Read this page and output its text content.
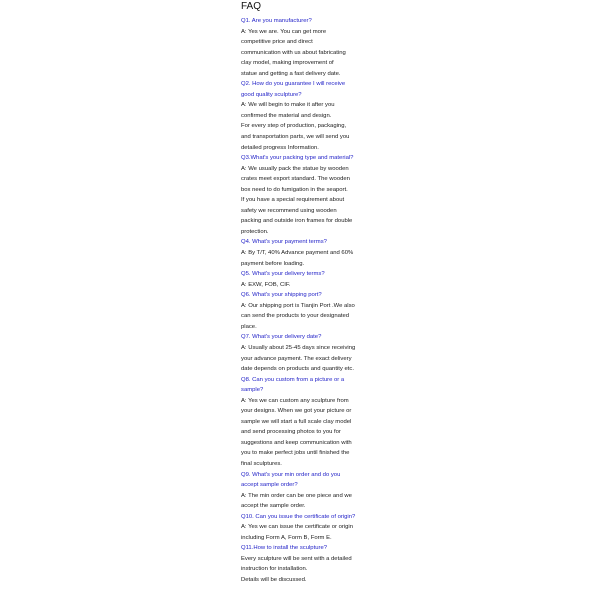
FAQ
Q1. Are you manufacturer?
A: Yes we are. You can get more
competitive price and direct
communication with us about fabricating
clay model, making improvement of
statue and getting a fast delivery date.
Q2. How do you guarantee I will receive
good quality sculpture?
A: We will begin to make it after you
confirmed the material and design.
For every step of production, packaging,
and transportation parts, we will send you
detailed progress Information.
Q3.What's your packing type and material?
A: We usually pack the statue by wooden
crates meet export standard. The wooden
box need to do fumigation in the seaport.
If you have a special requirement about
safety we recommend using wooden
packing and outside iron frames for double
protection.
Q4. What's your payment terms?
A: By T/T, 40% Advance payment and 60%
payment before loading.
Q5. What's your delivery terms?
A: EXW, FOB, CIF.
Q6. What's your shipping port?
A: Our shipping port is Tianjin Port .We also
can send the products to your designated
place.
Q7. What's your delivery date?
A: Usually about 25-45 days since receiving
your advance payment. The exact delivery
date depends on products and quantity etc.
Q8. Can you custom from a picture or a
sample?
A: Yes we can custom any sculpture from
your designs. When we got your picture or
sample we will start a full scale clay model
and send processing photos to you for
suggestions and keep communication with
you to make perfect jobs until finished the
final sculptures.
Q9. What's your min order and do you
accept sample order?
A: The min order can be one piece and we
accept the sample order.
Q10. Can you issue the certificate of origin?
A: Yes we can issue the certificate or origin
including Form A, Form B, Form E.
Q11.How to install the sculpture?
Every sculpture will be sent with a detailed
instruction for installation.
Details will be discussed.
